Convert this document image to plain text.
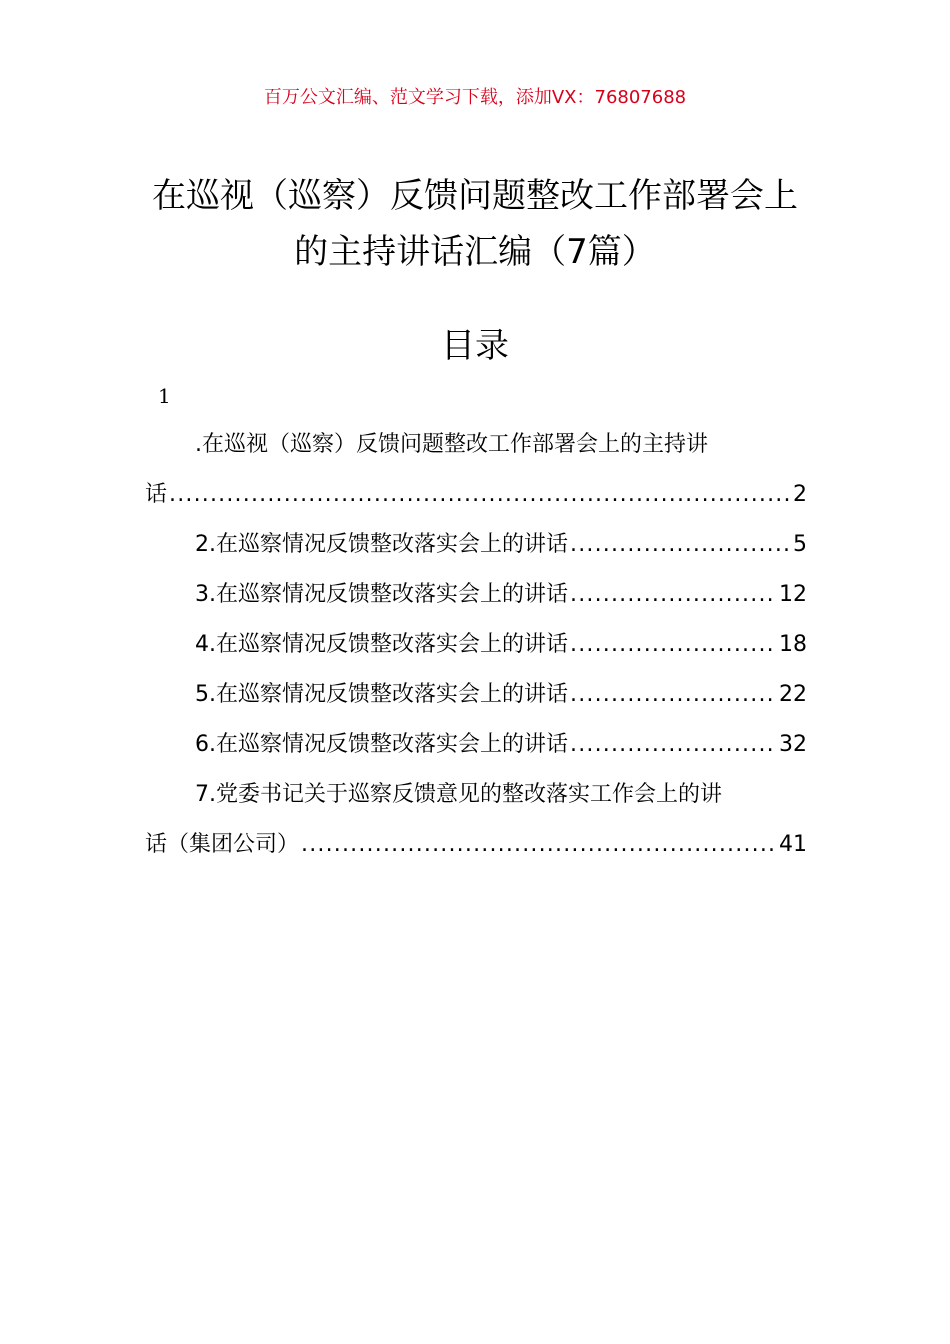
百万公文汇编、范文学习下载，添加VX：76807688
在巡视（巡察）反馈问题整改工作部署会上的主持讲话汇编（7篇）
目录
1
.在巡视（巡察）反馈问题整改工作部署会上的主持讲
话 .....	2
2.在巡察情况反馈整改落实会上的讲话 .....	5
3.在巡察情况反馈整改落实会上的讲话 .....	12
4.在巡察情况反馈整改落实会上的讲话 .....	18
5.在巡察情况反馈整改落实会上的讲话 .....	22
6.在巡察情况反馈整改落实会上的讲话 .....	32
7.党委书记关于巡察反馈意见的整改落实工作会上的讲
话（集团公司） .....	41
